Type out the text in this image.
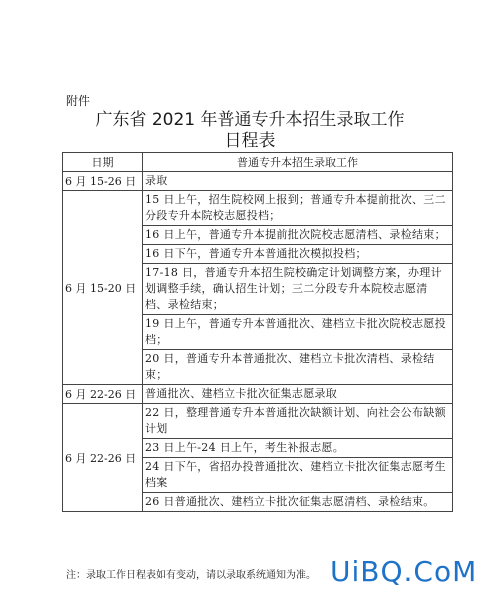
附件
广东省 2021 年普通专升本招生录取工作
日程表
日期	普通专升本招生录取工作
6 月 15-26 日	录取
6 月 15-20 日	15 日上午，招生院校网上报到；普通专升本提前批次、三二分段专升本院校志愿投档；
	16 日上午，普通专升本提前批次院校志愿清档、录检结束；
	16 日下午，普通专升本普通批次模拟投档；
	17-18 日，普通专升本招生院校确定计划调整方案，办理计划调整手续，确认招生计划；三二分段专升本院校志愿清档、录检结束；
	19 日上午，普通专升本普通批次、建档立卡批次院校志愿投档；
	20 日，普通专升本普通批次、建档立卡批次清档、录检结束；
6 月 22-26 日	普通批次、建档立卡批次征集志愿录取
6 月 22-26 日	22 日，整理普通专升本普通批次缺额计划、向社会公布缺额计划
	23 日上午-24 日上午，考生补报志愿。
	24 日下午，省招办投普通批次、建档立卡批次征集志愿考生档案
	26 日普通批次、建档立卡批次征集志愿清档、录检结束。
注：录取工作日程表如有变动，请以录取系统通知为准。 UiBQ.CoM
